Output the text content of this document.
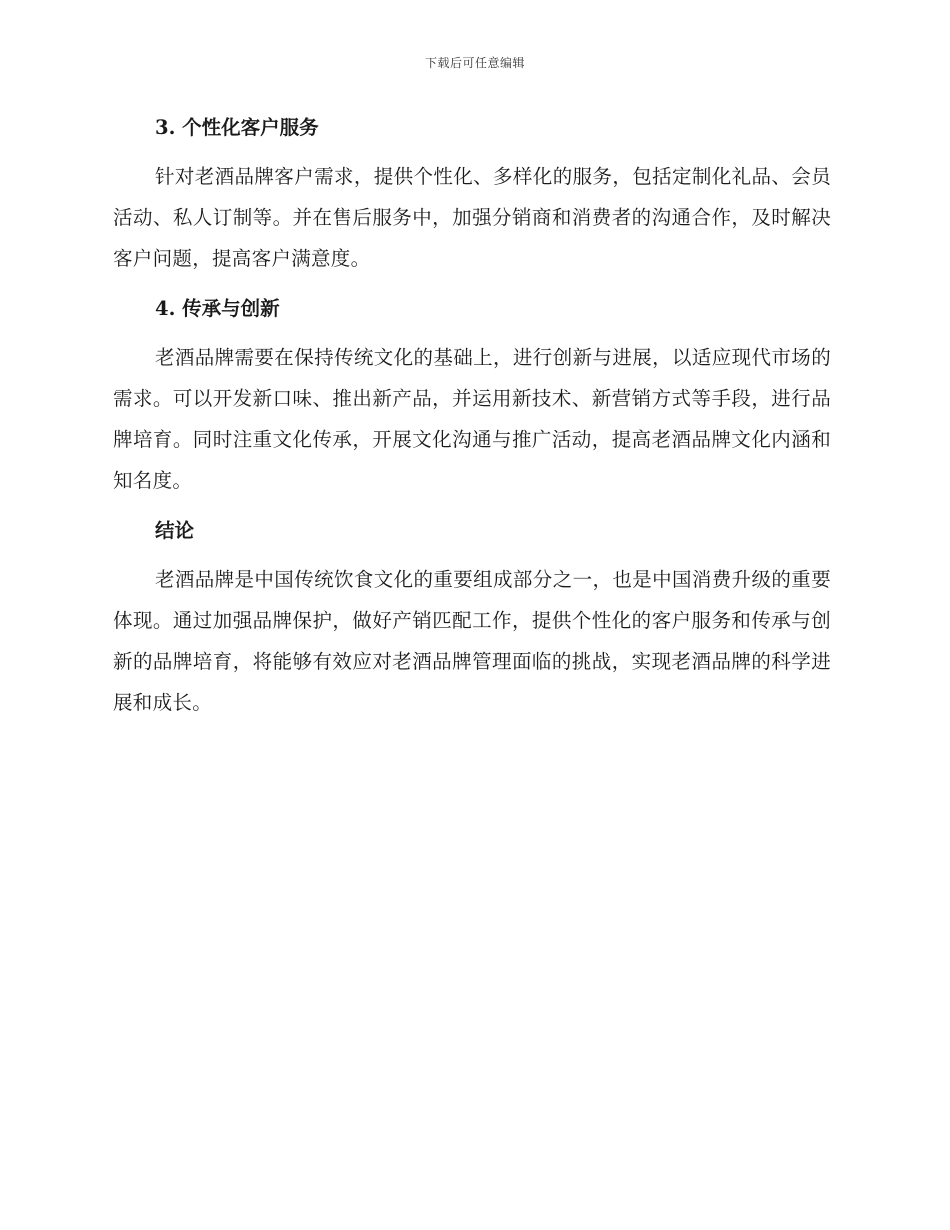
下载后可任意编辑
3. 个性化客户服务

针对老酒品牌客户需求，提供个性化、多样化的服务，包括定制化礼品、会员活动、私人订制等。并在售后服务中，加强分销商和消费者的沟通合作，及时解决客户问题，提高客户满意度。

4. 传承与创新

老酒品牌需要在保持传统文化的基础上，进行创新与进展，以适应现代市场的需求。可以开发新口味、推出新产品，并运用新技术、新营销方式等手段，进行品牌培育。同时注重文化传承，开展文化沟通与推广活动，提高老酒品牌文化内涵和知名度。

结论

老酒品牌是中国传统饮食文化的重要组成部分之一，也是中国消费升级的重要体现。通过加强品牌保护，做好产销匹配工作，提供个性化的客户服务和传承与创新的品牌培育，将能够有效应对老酒品牌管理面临的挑战，实现老酒品牌的科学进展和成长。
